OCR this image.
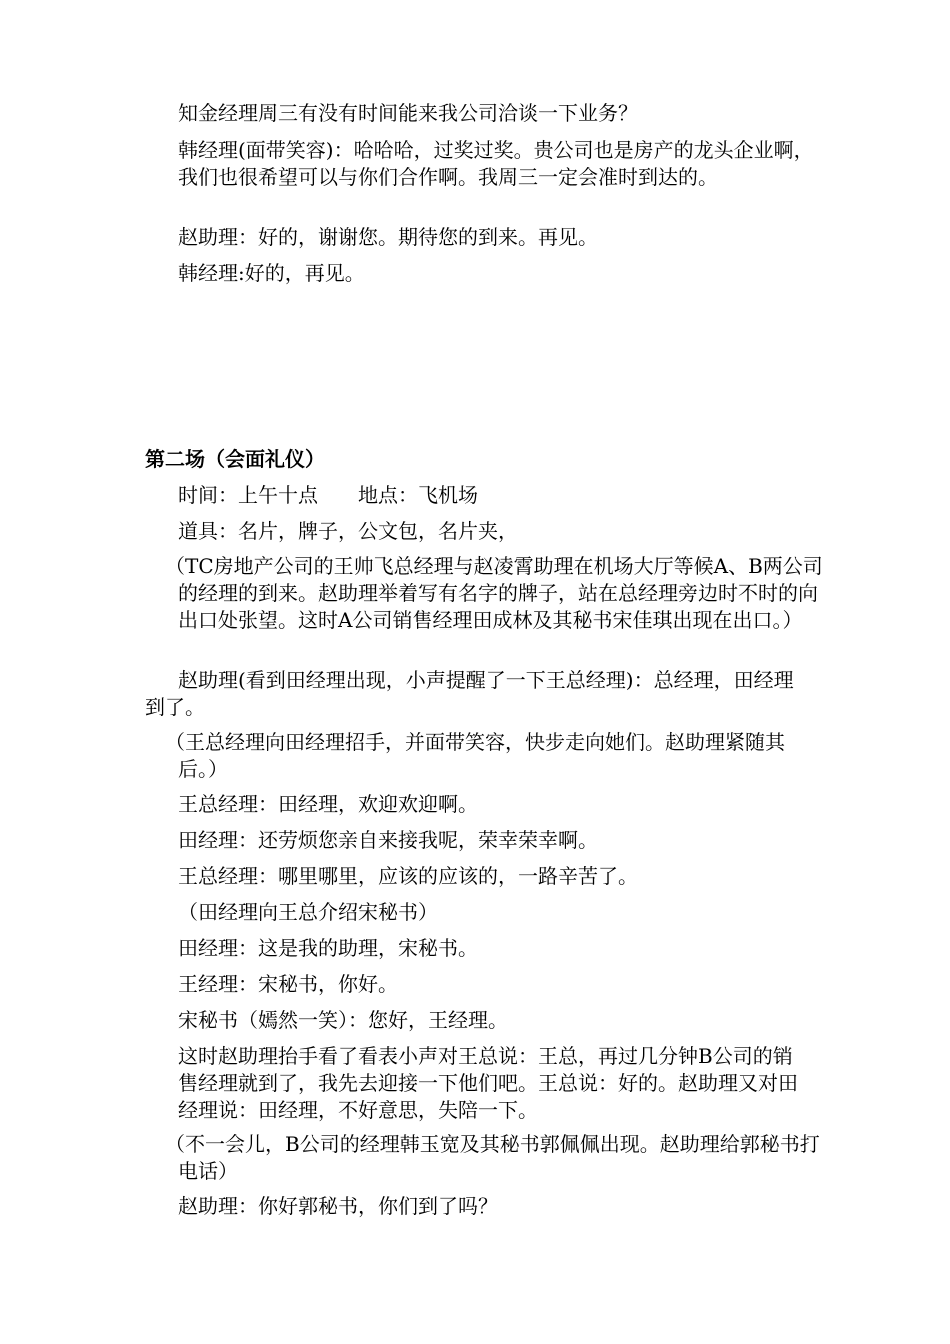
知金经理周三有没有时间能来我公司洽谈一下业务？

韩经理(面带笑容)：哈哈哈，过奖过奖。贵公司也是房产的龙头企业啊，我们也很希望可以与你们合作啊。我周三一定会准时到达的。

赵助理：好的，谢谢您。期待您的到来。再见。

韩经理:好的，再见。

第二场（会面礼仪）

时间：上午十点　　地点：飞机场

道具：名片，牌子，公文包，名片夹，

（TC房地产公司的王帅飞总经理与赵凌霄助理在机场大厅等候A、B两公司的经理的到来。赵助理举着写有名字的牌子，站在总经理旁边时不时的向出口处张望。这时A公司销售经理田成林及其秘书宋佳琪出现在出口。）

赵助理(看到田经理出现，小声提醒了一下王总经理)：总经理，田经理到了。

（王总经理向田经理招手，并面带笑容，快步走向她们。赵助理紧随其后。）

王总经理：田经理，欢迎欢迎啊。

田经理：还劳烦您亲自来接我呢，荣幸荣幸啊。

王总经理：哪里哪里，应该的应该的，一路辛苦了。

（田经理向王总介绍宋秘书）

田经理：这是我的助理，宋秘书。

王经理：宋秘书，你好。

宋秘书（嫣然一笑）：您好，王经理。

这时赵助理抬手看了看表小声对王总说：王总，再过几分钟B公司的销售经理就到了，我先去迎接一下他们吧。王总说：好的。赵助理又对田经理说：田经理，不好意思，失陪一下。

（不一会儿，B公司的经理韩玉宽及其秘书郭佩佩出现。赵助理给郭秘书打电话）

赵助理：你好郭秘书，你们到了吗？
